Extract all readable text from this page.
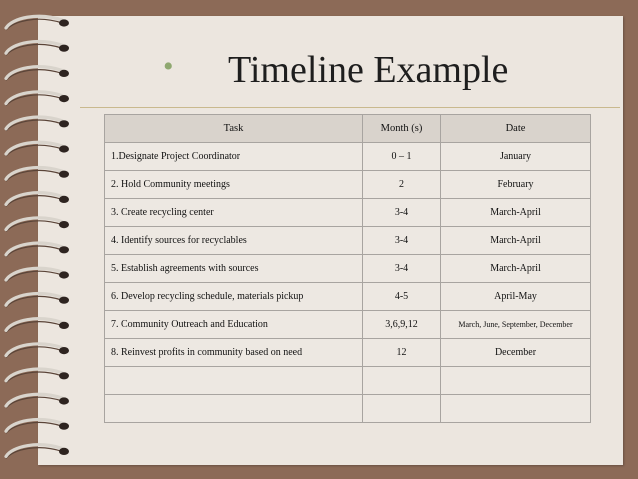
• Timeline Example
Task	Month (s)	Date
1.Designate Project Coordinator	0 – 1	January
2. Hold Community meetings	2	February
3. Create recycling center	3-4	March-April
4. Identify sources for recyclables	3-4	March-April
5. Establish agreements with sources	3-4	March-April
6. Develop recycling schedule, materials pickup	4-5	April-May
7. Community Outreach and Education	3,6,9,12	March, June, September, December
8. Reinvest profits in community based on need	12	December
